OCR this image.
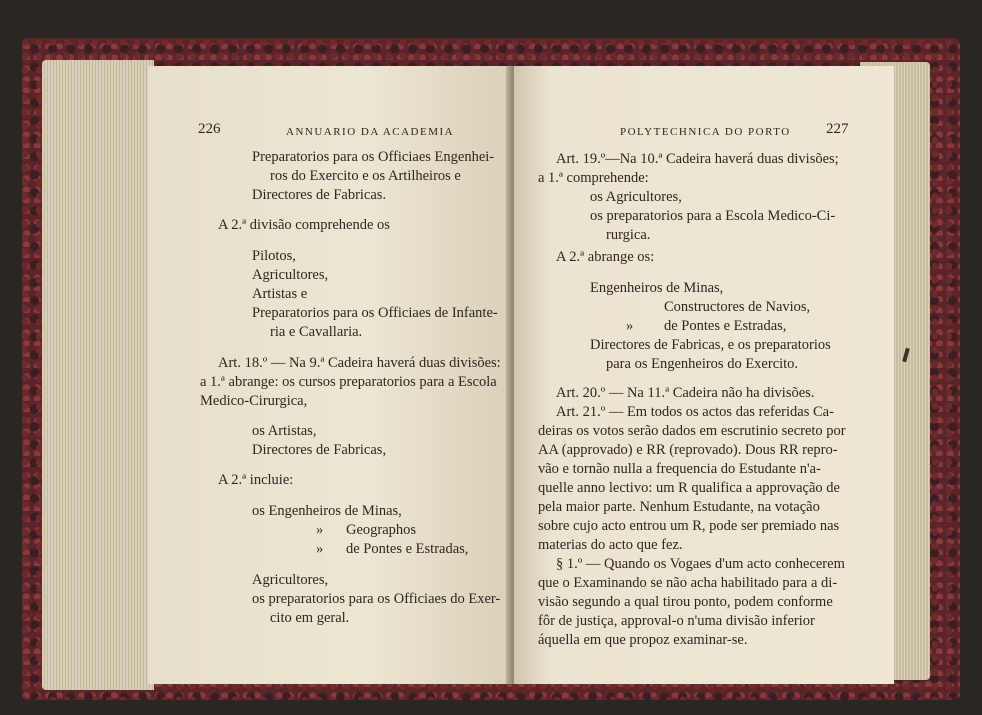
226	ANNUARIO DA ACADEMIA
Preparatorios para os Officiaes Engenhei-
ros do Exercito e os Artilheiros e
Directores de Fabricas.
A 2.ª divisão comprehende os
Pilotos,
Agricultores,
Artistas e
Preparatorios para os Officiaes de Infante-
ria e Cavallaria.
Art. 18.º — Na 9.ª Cadeira haverá duas divisões:
a 1.ª abrange: os cursos preparatorios para a Escola
Medico-Cirurgica,
os Artistas,
Directores de Fabricas,
A 2.ª incluie:
os Engenheiros de Minas,
» Geographos
» de Pontes e Estradas,
Agricultores,
os preparatorios para os Officiaes do Exer-
cito em geral.
POLYTECHNICA DO PORTO 227
Art. 19.º—Na 10.ª Cadeira haverá duas divisões;
a 1.ª comprehende:
os Agricultores,
os preparatorios para a Escola Medico-Ci-
rurgica.
A 2.ª abrange os:
Engenheiros de Minas,
Constructores de Navios,
» de Pontes e Estradas,
Directores de Fabricas, e os preparatorios
para os Engenheiros do Exercito.
Art. 20.º — Na 11.ª Cadeira não ha divisões.
Art. 21.º — Em todos os actos das referidas Ca-
deiras os votos serão dados em escrutinio secreto por
AA (approvado) e RR (reprovado). Dous RR repro-
vão e tornão nulla a frequencia do Estudante n'a-
quelle anno lectivo: um R qualifica a approvação de
pela maior parte. Nenhum Estudante, na votação
sobre cujo acto entrou um R, pode ser premiado nas
materias do acto que fez.
§ 1.º — Quando os Vogaes d'um acto conhecerem
que o Examinando se não acha habilitado para a di-
visão segundo a qual tirou ponto, podem conforme
fôr de justiça, approval-o n'uma divisão inferior
áquella em que propoz examinar-se.
